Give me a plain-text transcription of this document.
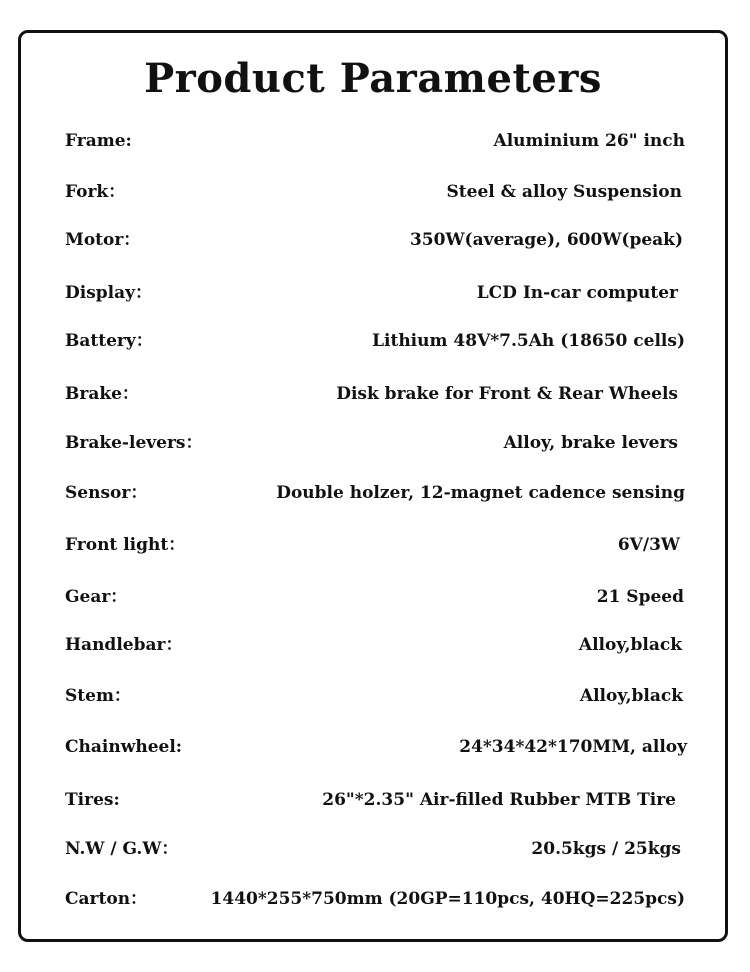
Product Parameters
Frame:	Aluminium 26" inch
Fork：	Steel & alloy Suspension
Motor：	350W(average), 600W(peak)
Display：	LCD In-car computer
Battery：	Lithium 48V*7.5Ah (18650 cells)
Brake：	Disk brake for Front & Rear Wheels
Brake-levers：	Alloy, brake levers
Sensor：	Double holzer, 12-magnet cadence sensing
Front light：	6V/3W
Gear：	21 Speed
Handlebar：	Alloy,black
Stem：	Alloy,black
Chainwheel:	24*34*42*170MM, alloy
Tires:	26"*2.35" Air-filled Rubber MTB Tire
N.W / G.W：	20.5kgs / 25kgs
Carton：	1440*255*750mm (20GP=110pcs, 40HQ=225pcs)
